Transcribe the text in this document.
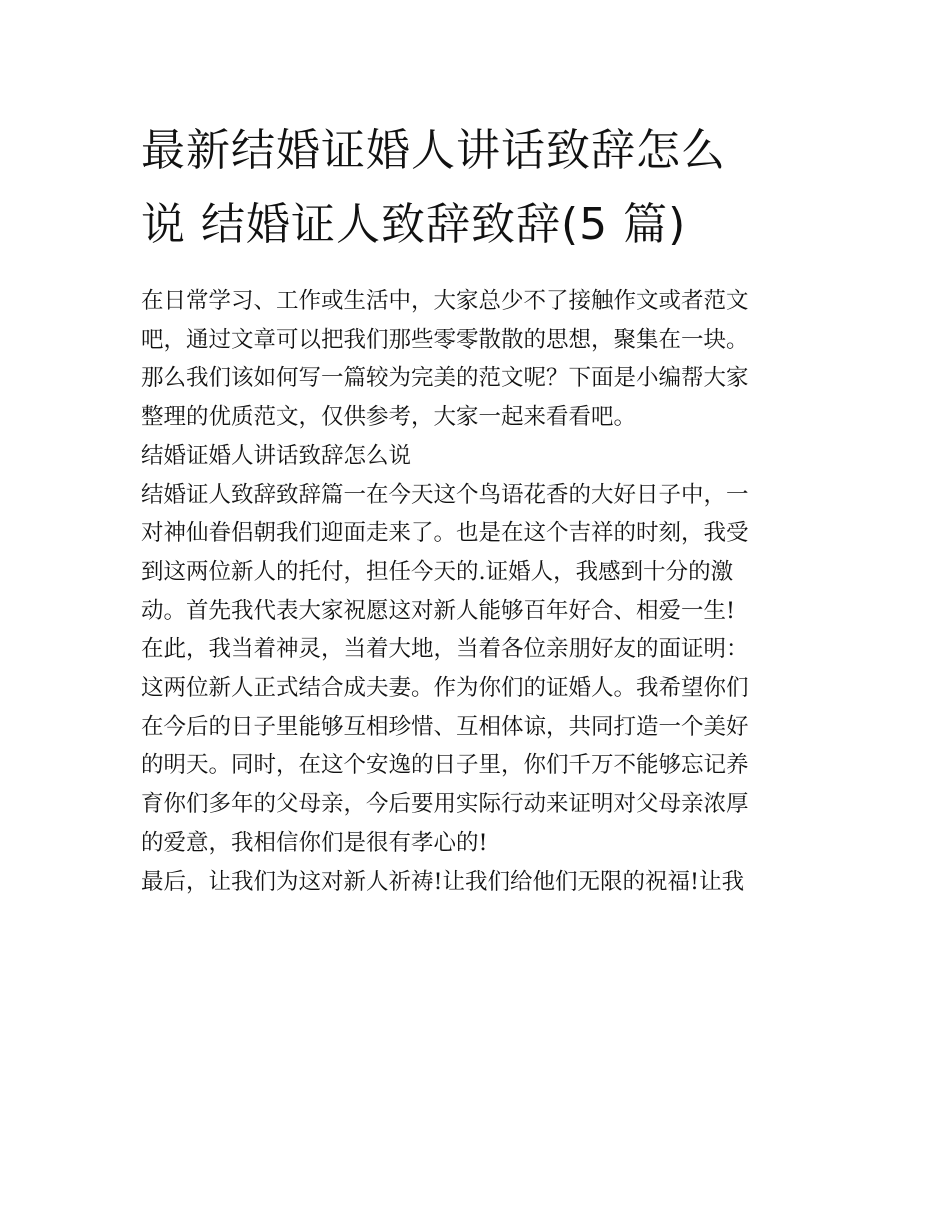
最新结婚证婚人讲话致辞怎么
说 结婚证人致辞致辞(5 篇)

在日常学习、工作或生活中，大家总少不了接触作文或者范文
吧，通过文章可以把我们那些零零散散的思想，聚集在一块。
那么我们该如何写一篇较为完美的范文呢？下面是小编帮大家
整理的优质范文，仅供参考，大家一起来看看吧。

结婚证婚人讲话致辞怎么说

结婚证人致辞致辞篇一在今天这个鸟语花香的大好日子中，一
对神仙眷侣朝我们迎面走来了。也是在这个吉祥的时刻，我受
到这两位新人的托付，担任今天的.证婚人，我感到十分的激
动。首先我代表大家祝愿这对新人能够百年好合、相爱一生!

在此，我当着神灵，当着大地，当着各位亲朋好友的面证明：
这两位新人正式结合成夫妻。作为你们的证婚人。我希望你们
在今后的日子里能够互相珍惜、互相体谅，共同打造一个美好
的明天。同时，在这个安逸的日子里，你们千万不能够忘记养
育你们多年的父母亲，今后要用实际行动来证明对父母亲浓厚
的爱意，我相信你们是很有孝心的!

最后，让我们为这对新人祈祷!让我们给他们无限的祝福!让我
